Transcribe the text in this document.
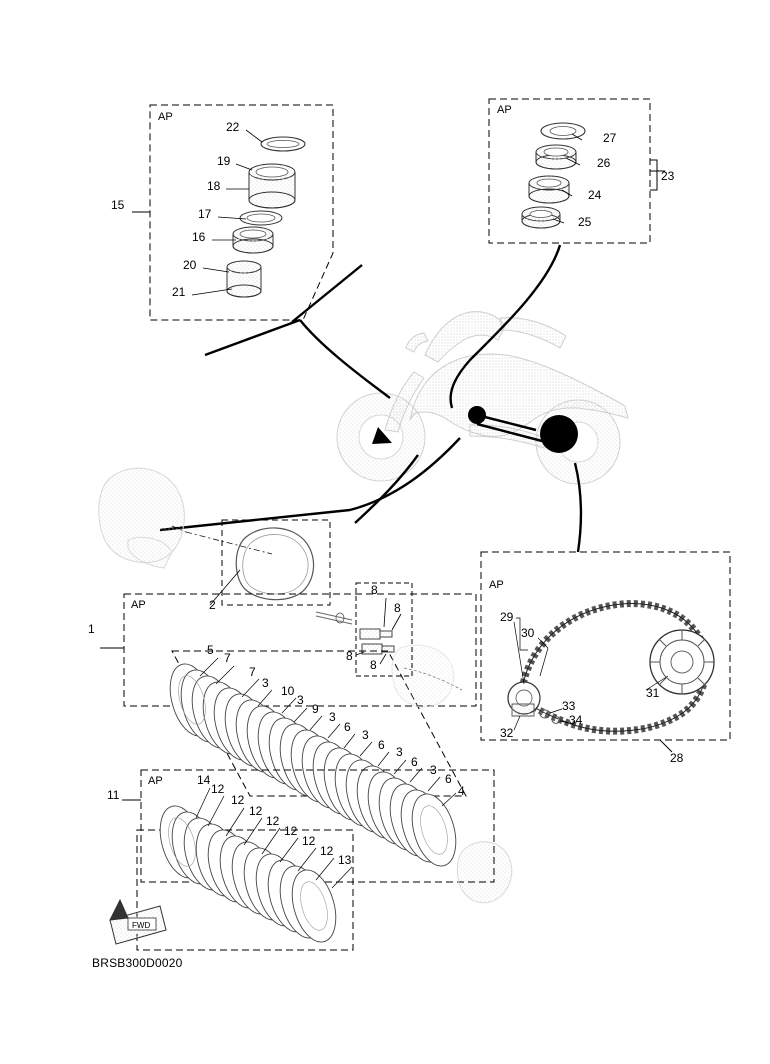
AP
AP
AP
AP
AP
1
2
3
3
3
3
3
3
4
5
6
6
6
6
7
7
8
8
8
8
9
10
11	12
12
12
12
12
12
12
13
14
15
16
17
18
19
20
21
22
23
24
25
26
27
28
29
30
31
32
33
34
FWD
BRSB300D0020
